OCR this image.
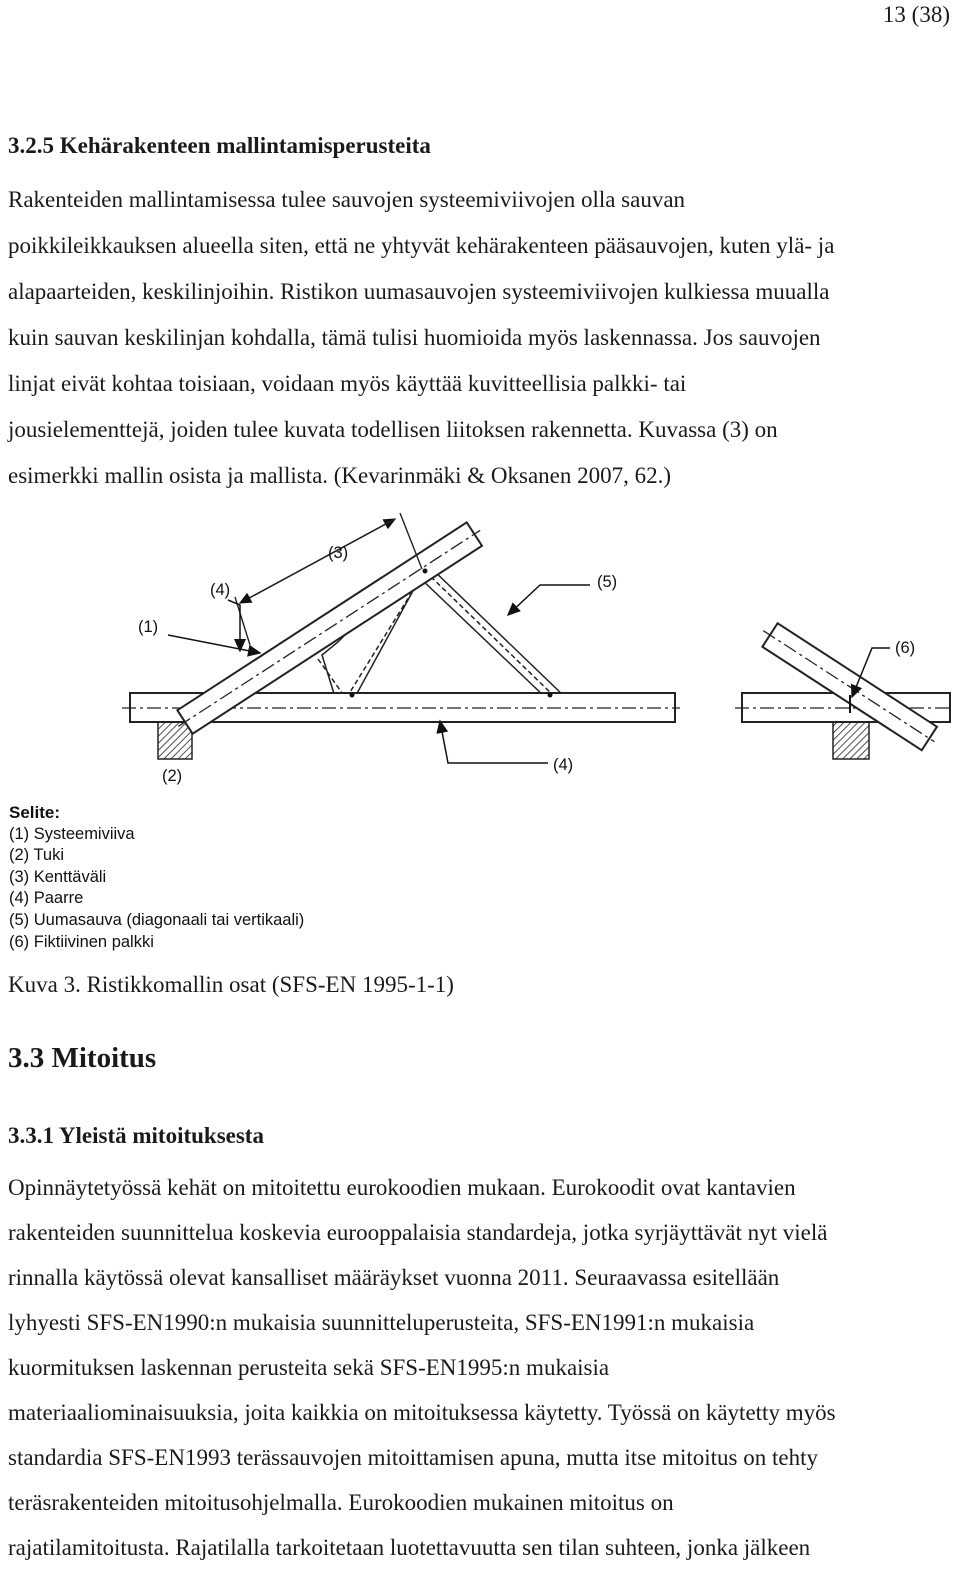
13 (38)
3.2.5 Kehärakenteen mallintamisperusteita
Rakenteiden mallintamisessa tulee sauvojen systeemiviivojen olla sauvan
poikkileikkauksen alueella siten, että ne yhtyvät kehärakenteen pääsauvojen, kuten ylä- ja
alapaarteiden, keskilinjoihin. Ristikon uumasauvojen systeemiviivojen kulkiessa muualla
kuin sauvan keskilinjan kohdalla, tämä tulisi huomioida myös laskennassa. Jos sauvojen
linjat eivät kohtaa toisiaan, voidaan myös käyttää kuvitteellisia palkki- tai
jousielementtejä, joiden tulee kuvata todellisen liitoksen rakennetta. Kuvassa (3) on
esimerkki mallin osista ja mallista. (Kevarinmäki & Oksanen 2007, 62.)
(3)
(4)	(5)
(1)
(6)
(2)
(4)
Selite:
(1) Systeemiviiva
(2) Tuki
(3) Kenttäväli
(4) Paarre
(5) Uumasauva (diagonaali tai vertikaali)
(6) Fiktiivinen palkki
Kuva 3. Ristikkomallin osat (SFS-EN 1995-1-1)
3.3 Mitoitus
3.3.1 Yleistä mitoituksesta
Opinnäytetyössä kehät on mitoitettu eurokoodien mukaan. Eurokoodit ovat kantavien
rakenteiden suunnittelua koskevia eurooppalaisia standardeja, jotka syrjäyttävät nyt vielä
rinnalla käytössä olevat kansalliset määräykset vuonna 2011. Seuraavassa esitellään
lyhyesti SFS-EN1990:n mukaisia suunnitteluperusteita, SFS-EN1991:n mukaisia
kuormituksen laskennan perusteita sekä SFS-EN1995:n mukaisia
materiaaliominaisuuksia, joita kaikkia on mitoituksessa käytetty. Työssä on käytetty myös
standardia SFS-EN1993 terässauvojen mitoittamisen apuna, mutta itse mitoitus on tehty
teräsrakenteiden mitoitusohjelmalla. Eurokoodien mukainen mitoitus on
rajatilamitoitusta. Rajatilalla tarkoitetaan luotettavuutta sen tilan suhteen, jonka jälkeen
